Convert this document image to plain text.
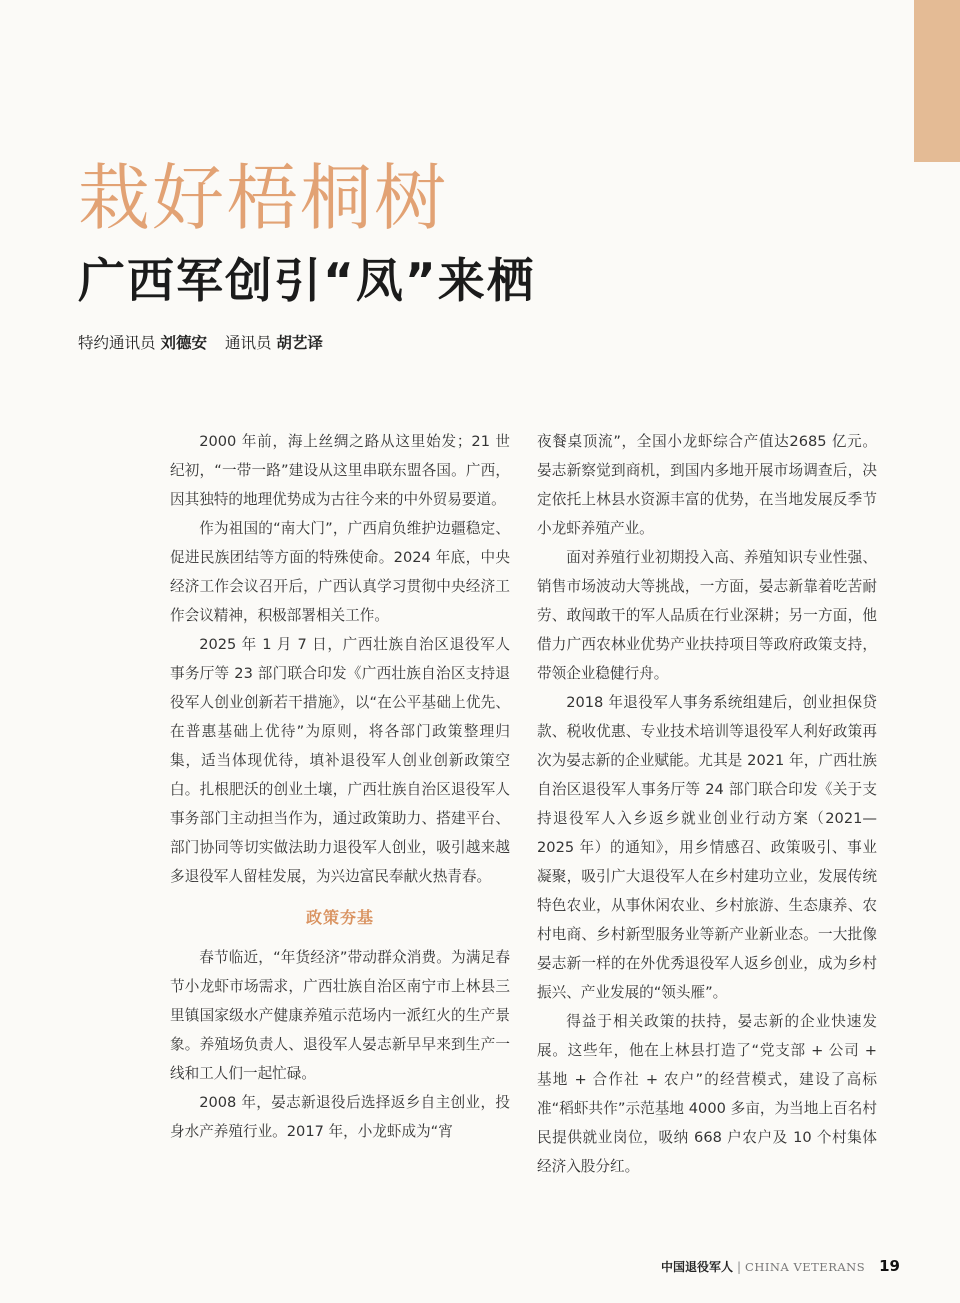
栽好梧桐树
广西军创引“凤”来栖
特约通讯员 刘德安 通讯员 胡艺译

2000 年前，海上丝绸之路从这里始发；21 世纪初，“一带一路”建设从这里串联东盟各国。广西，因其独特的地理优势成为古往今来的中外贸易要道。

作为祖国的“南大门”，广西肩负维护边疆稳定、促进民族团结等方面的特殊使命。2024 年底，中央经济工作会议召开后，广西认真学习贯彻中央经济工作会议精神，积极部署相关工作。

2025 年 1 月 7 日，广西壮族自治区退役军人事务厅等 23 部门联合印发《广西壮族自治区支持退役军人创业创新若干措施》，以“在公平基础上优先、在普惠基础上优待”为原则，将各部门政策整理归集，适当体现优待，填补退役军人创业创新政策空白。扎根肥沃的创业土壤，广西壮族自治区退役军人事务部门主动担当作为，通过政策助力、搭建平台、部门协同等切实做法助力退役军人创业，吸引越来越多退役军人留桂发展，为兴边富民奉献火热青春。

政策夯基

春节临近，“年货经济”带动群众消费。为满足春节小龙虾市场需求，广西壮族自治区南宁市上林县三里镇国家级水产健康养殖示范场内一派红火的生产景象。养殖场负责人、退役军人晏志新早早来到生产一线和工人们一起忙碌。

2008 年，晏志新退役后选择返乡自主创业，投身水产养殖行业。2017 年，小龙虾成为“宵

夜餐桌顶流”，全国小龙虾综合产值达2685 亿元。晏志新察觉到商机，到国内多地开展市场调查后，决定依托上林县水资源丰富的优势，在当地发展反季节小龙虾养殖产业。

面对养殖行业初期投入高、养殖知识专业性强、销售市场波动大等挑战，一方面，晏志新靠着吃苦耐劳、敢闯敢干的军人品质在行业深耕；另一方面，他借力广西农林业优势产业扶持项目等政府政策支持，带领企业稳健行舟。

2018 年退役军人事务系统组建后，创业担保贷款、税收优惠、专业技术培训等退役军人利好政策再次为晏志新的企业赋能。尤其是 2021 年，广西壮族自治区退役军人事务厅等 24 部门联合印发《关于支持退役军人入乡返乡就业创业行动方案（2021—2025 年）的通知》，用乡情感召、政策吸引、事业凝聚，吸引广大退役军人在乡村建功立业，发展传统特色农业，从事休闲农业、乡村旅游、生态康养、农村电商、乡村新型服务业等新产业新业态。一大批像晏志新一样的在外优秀退役军人返乡创业，成为乡村振兴、产业发展的“领头雁”。

得益于相关政策的扶持，晏志新的企业快速发展。这些年，他在上林县打造了“党支部 + 公司 + 基地 + 合作社 + 农户”的经营模式，建设了高标准“稻虾共作”示范基地 4000 多亩，为当地上百名村民提供就业岗位，吸纳 668 户农户及 10 个村集体经济入股分红。

中国退役军人 | CHINA VETERANS 19
